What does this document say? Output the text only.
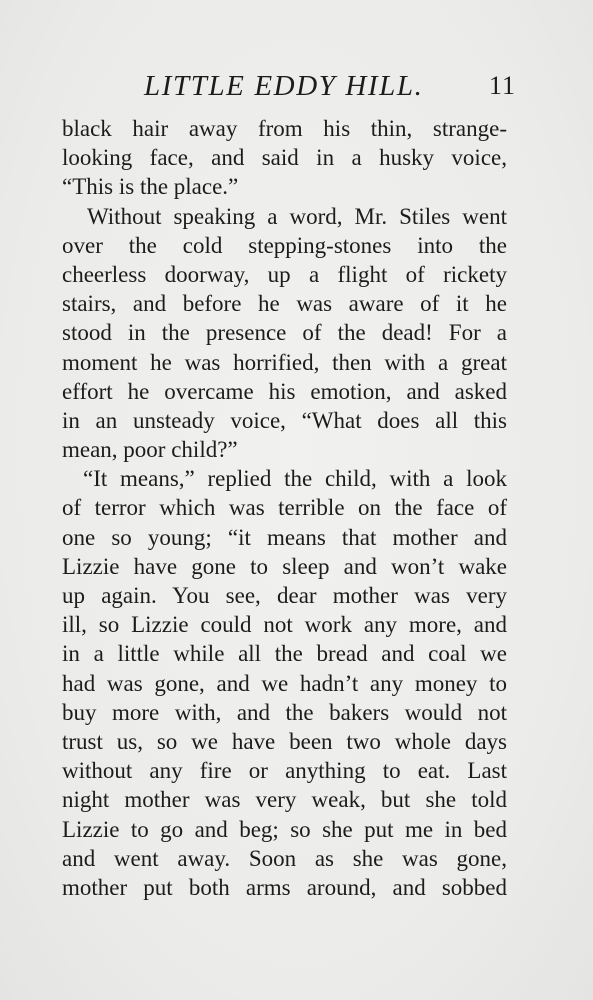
LITTLE EDDY HILL.	11
black hair away from his thin, strange-
looking face, and said in a husky voice,
“This is the place.”
Without speaking a word, Mr. Stiles went
over the cold stepping-stones into the
cheerless doorway, up a flight of rickety
stairs, and before he was aware of it he
stood in the presence of the dead! For a
moment he was horrified, then with a great
effort he overcame his emotion, and asked
in an unsteady voice, “What does all this
mean, poor child?”
“It means,” replied the child, with a look
of terror which was terrible on the face of
one so young; “it means that mother and
Lizzie have gone to sleep and won’t wake
up again. You see, dear mother was very
ill, so Lizzie could not work any more, and
in a little while all the bread and coal we
had was gone, and we hadn’t any money to
buy more with, and the bakers would not
trust us, so we have been two whole days
without any fire or anything to eat. Last
night mother was very weak, but she told
Lizzie to go and beg; so she put me in bed
and went away. Soon as she was gone,
mother put both arms around, and sobbed
